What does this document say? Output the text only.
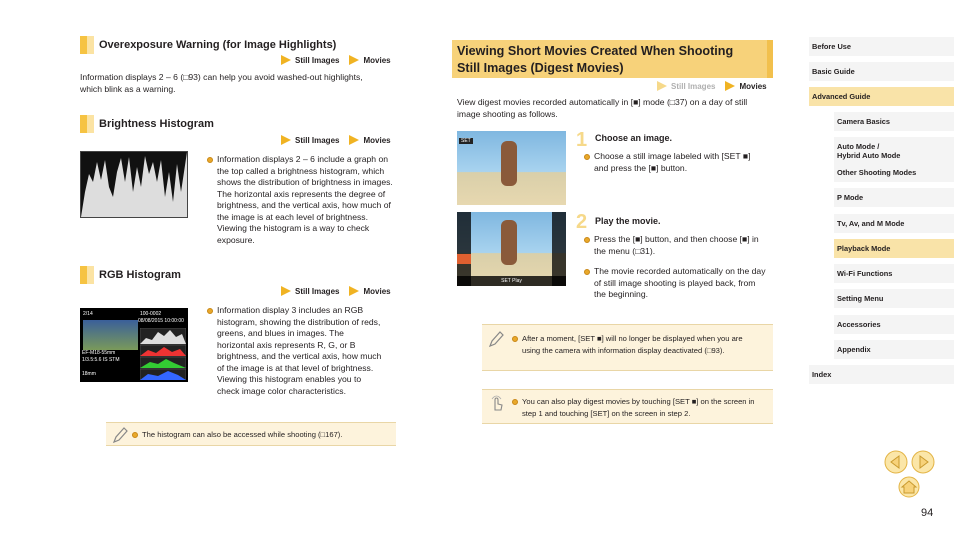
Overexposure Warning (for Image Highlights)
Still Images	Movies
Information displays 2 – 6 (□93) can help you avoid washed-out highlights, which blink as a warning.
Brightness Histogram
Still Images	Movies
Information displays 2 – 6 include a graph on the top called a brightness histogram, which shows the distribution of brightness in images. The horizontal axis represents the degree of brightness, and the vertical axis, how much of the image is at each level of brightness. Viewing the histogram is a way to check exposure.
RGB Histogram
Still Images	Movies
2/14	100-0002
08/08/2015 10:00:00
EF-M18-55mm
1/3.5:5.6 IS STM
18mm
Information display 3 includes an RGB histogram, showing the distribution of reds, greens, and blues in images. The horizontal axis represents R, G, or B brightness, and the vertical axis, how much of the image is at that level of brightness. Viewing this histogram enables you to check image color characteristics.
The histogram can also be accessed while shooting (□167).
Viewing Short Movies Created When Shooting
Still Images (Digest Movies)
Still Images	Movies
View digest movies recorded automatically in [■] mode (□37) on a day of still image shooting as follows.
SET	1 Choose an image.
Choose a still image labeled with [SET ■] and press the [■] button.
SET Play
2 Play the movie.
Press the [■] button, and then choose [■] in the menu (□31).
The movie recorded automatically on the day of still image shooting is played back, from the beginning.
After a moment, [SET ■] will no longer be displayed when you are using the camera with information display deactivated (□93).
You can also play digest movies by touching [SET ■] on the screen in step 1 and touching [SET] on the screen in step 2.
Before Use
Basic Guide
Advanced Guide
Camera Basics
Auto Mode /
Hybrid Auto Mode
Other Shooting Modes
P Mode
Tv, Av, and M Mode
Playback Mode
Wi-Fi Functions
Setting Menu
Accessories
Appendix
Index
94
